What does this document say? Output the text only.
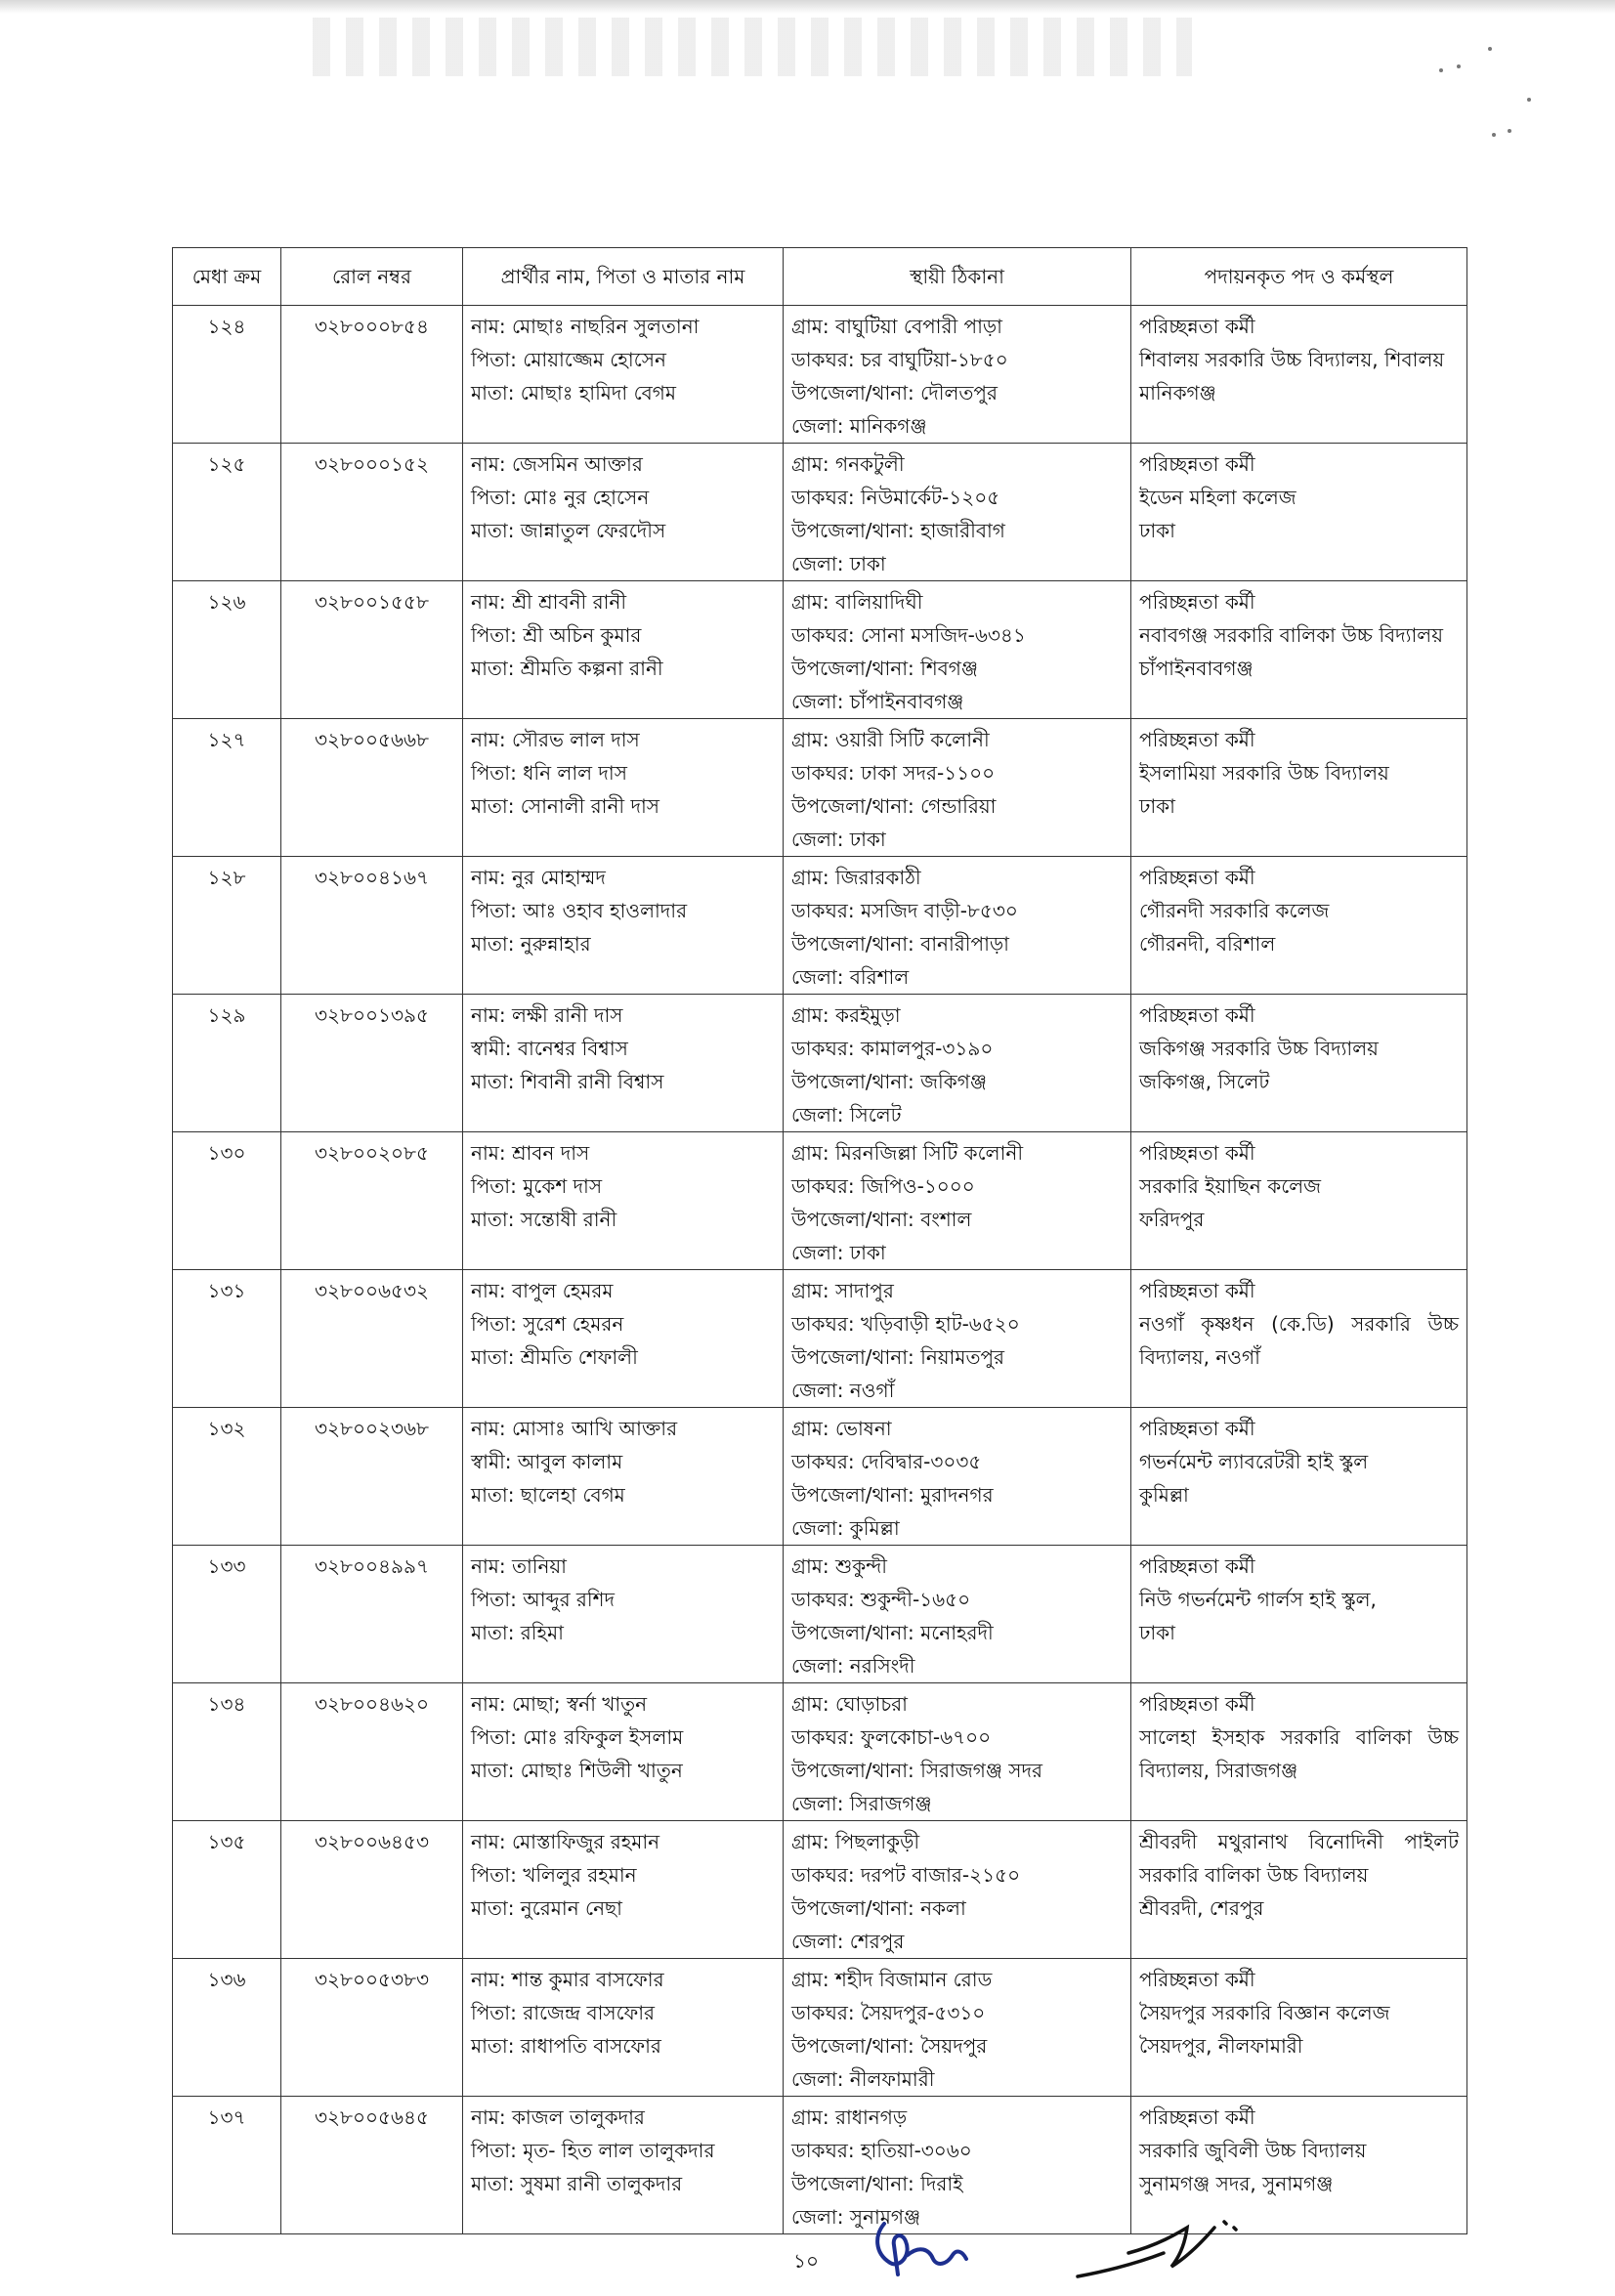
মেধা ক্রম	রোল নম্বর	প্রার্থীর নাম, পিতা ও মাতার নাম	স্থায়ী ঠিকানা	পদায়নকৃত পদ ও কর্মস্থল
১২৪	৩২৮০০০৮৫৪	নাম: মোছাঃ নাছরিন সুলতানা
পিতা: মোয়াজ্জেম হোসেন
মাতা: মোছাঃ হামিদা বেগম	গ্রাম: বাঘুটিয়া বেপারী পাড়া
ডাকঘর: চর বাঘুটিয়া-১৮৫০
উপজেলা/থানা: দৌলতপুর
জেলা: মানিকগঞ্জ	পরিচ্ছন্নতা কর্মী
শিবালয় সরকারি উচ্চ বিদ্যালয়, শিবালয়
মানিকগঞ্জ

১২৫	৩২৮০০০১৫২	নাম: জেসমিন আক্তার
পিতা: মোঃ নুর হোসেন
মাতা: জান্নাতুল ফেরদৌস	গ্রাম: গনকটুলী
ডাকঘর: নিউমার্কেট-১২০৫
উপজেলা/থানা: হাজারীবাগ
জেলা: ঢাকা	পরিচ্ছন্নতা কর্মী
ইডেন মহিলা কলেজ
ঢাকা

১২৬	৩২৮০০১৫৫৮	নাম: শ্রী শ্রাবনী রানী
পিতা: শ্রী অচিন কুমার
মাতা: শ্রীমতি কল্পনা রানী	গ্রাম: বালিয়াদিঘী
ডাকঘর: সোনা মসজিদ-৬৩৪১
উপজেলা/থানা: শিবগঞ্জ
জেলা: চাঁপাইনবাবগঞ্জ	পরিচ্ছন্নতা কর্মী
নবাবগঞ্জ সরকারি বালিকা উচ্চ বিদ্যালয়
চাঁপাইনবাবগঞ্জ

১২৭	৩২৮০০৫৬৬৮	নাম: সৌরভ লাল দাস
পিতা: ধনি লাল দাস
মাতা: সোনালী রানী দাস	গ্রাম: ওয়ারী সিটি কলোনী
ডাকঘর: ঢাকা সদর-১১০০
উপজেলা/থানা: গেন্ডারিয়া
জেলা: ঢাকা	পরিচ্ছন্নতা কর্মী
ইসলামিয়া সরকারি উচ্চ বিদ্যালয়
ঢাকা

১২৮	৩২৮০০৪১৬৭	নাম: নুর মোহাম্মদ
পিতা: আঃ ওহাব হাওলাদার
মাতা: নুরুন্নাহার	গ্রাম: জিরারকাঠী
ডাকঘর: মসজিদ বাড়ী-৮৫৩০
উপজেলা/থানা: বানারীপাড়া
জেলা: বরিশাল	পরিচ্ছন্নতা কর্মী
গৌরনদী সরকারি কলেজ
গৌরনদী, বরিশাল

১২৯	৩২৮০০১৩৯৫	নাম: লক্ষী রানী দাস
স্বামী: বানেশ্বর বিশ্বাস
মাতা: শিবানী রানী বিশ্বাস	গ্রাম: করইমুড়া
ডাকঘর: কামালপুর-৩১৯০
উপজেলা/থানা: জকিগঞ্জ
জেলা: সিলেট	পরিচ্ছন্নতা কর্মী
জকিগঞ্জ সরকারি উচ্চ বিদ্যালয়
জকিগঞ্জ, সিলেট

১৩০	৩২৮০০২০৮৫	নাম: শ্রাবন দাস
পিতা: মুকেশ দাস
মাতা: সন্তোষী রানী	গ্রাম: মিরনজিল্লা সিটি কলোনী
ডাকঘর: জিপিও-১০০০
উপজেলা/থানা: বংশাল
জেলা: ঢাকা	পরিচ্ছন্নতা কর্মী
সরকারি ইয়াছিন কলেজ
ফরিদপুর

১৩১	৩২৮০০৬৫৩২	নাম: বাপুল হেমরম
পিতা: সুরেশ হেমরন
মাতা: শ্রীমতি শেফালী	গ্রাম: সাদাপুর
ডাকঘর: খড়িবাড়ী হাট-৬৫২০
উপজেলা/থানা: নিয়ামতপুর
জেলা: নওগাঁ	পরিচ্ছন্নতা কর্মী
নওগাঁ কৃষ্ণধন (কে.ডি) সরকারি উচ্চ বিদ্যালয়, নওগাঁ

১৩২	৩২৮০০২৩৬৮	নাম: মোসাঃ আখি আক্তার
স্বামী: আবুল কালাম
মাতা: ছালেহা বেগম	গ্রাম: ভোষনা
ডাকঘর: দেবিদ্বার-৩০৩৫
উপজেলা/থানা: মুরাদনগর
জেলা: কুমিল্লা	পরিচ্ছন্নতা কর্মী
গভর্নমেন্ট ল্যাবরেটরী হাই স্কুল
কুমিল্লা

১৩৩	৩২৮০০৪৯৯৭	নাম: তানিয়া
পিতা: আব্দুর রশিদ
মাতা: রহিমা	গ্রাম: শুকুন্দী
ডাকঘর: শুকুন্দী-১৬৫০
উপজেলা/থানা: মনোহরদী
জেলা: নরসিংদী	পরিচ্ছন্নতা কর্মী
নিউ গভর্নমেন্ট গার্লস হাই স্কুল,
ঢাকা

১৩৪	৩২৮০০৪৬২০	নাম: মোছা; স্বর্না খাতুন
পিতা: মোঃ রফিকুল ইসলাম
মাতা: মোছাঃ শিউলী খাতুন	গ্রাম: ঘোড়াচরা
ডাকঘর: ফুলকোচা-৬৭০০
উপজেলা/থানা: সিরাজগঞ্জ সদর
জেলা: সিরাজগঞ্জ	পরিচ্ছন্নতা কর্মী
সালেহা ইসহাক সরকারি বালিকা উচ্চ বিদ্যালয়, সিরাজগঞ্জ

১৩৫	৩২৮০০৬৪৫৩	নাম: মোস্তাফিজুর রহমান
পিতা: খলিলুর রহমান
মাতা: নুরেমান নেছা	গ্রাম: পিছলাকুড়ী
ডাকঘর: দরপট বাজার-২১৫০
উপজেলা/থানা: নকলা
জেলা: শেরপুর	শ্রীবরদী মথুরানাথ বিনোদিনী পাইলট সরকারি বালিকা উচ্চ বিদ্যালয়
শ্রীবরদী, শেরপুর

১৩৬	৩২৮০০৫৩৮৩	নাম: শান্ত কুমার বাসফোর
পিতা: রাজেন্দ্র বাসফোর
মাতা: রাধাপতি বাসফোর	গ্রাম: শহীদ বিজামান রোড
ডাকঘর: সৈয়দপুর-৫৩১০
উপজেলা/থানা: সৈয়দপুর
জেলা: নীলফামারী	পরিচ্ছন্নতা কর্মী
সৈয়দপুর সরকারি বিজ্ঞান কলেজ
সৈয়দপুর, নীলফামারী

১৩৭	৩২৮০০৫৬৪৫	নাম: কাজল তালুকদার
পিতা: মৃত- হিত লাল তালুকদার
মাতা: সুষমা রানী তালুকদার	গ্রাম: রাধানগড়
ডাকঘর: হাতিয়া-৩০৬০
উপজেলা/থানা: দিরাই
জেলা: সুনামগঞ্জ	পরিচ্ছন্নতা কর্মী
সরকারি জুবিলী উচ্চ বিদ্যালয়
সুনামগঞ্জ সদর, সুনামগঞ্জ
১০
